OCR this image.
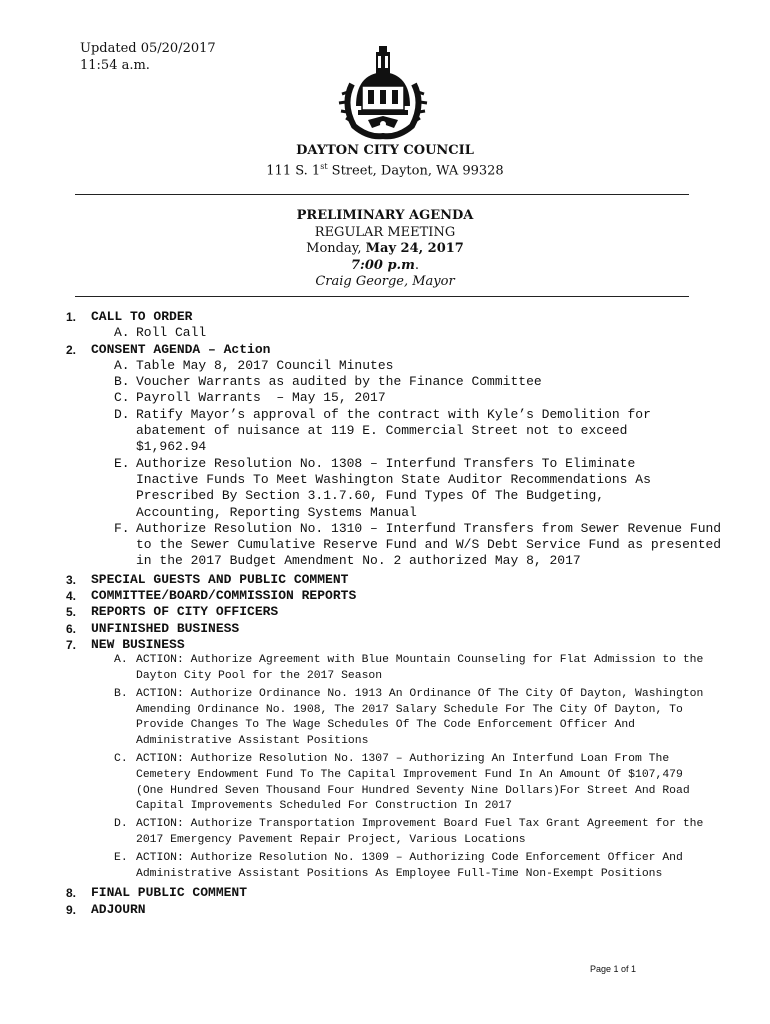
Updated 05/20/2017
11:54 a.m.
DAYTON CITY COUNCIL
111 S. 1st Street, Dayton, WA 99328
PRELIMINARY AGENDA
REGULAR MEETING
Monday, May 24, 2017
7:00 p.m.
Craig George, Mayor
1. CALL TO ORDER
A. Roll Call
2. CONSENT AGENDA – Action
A. Table May 8, 2017 Council Minutes
B. Voucher Warrants as audited by the Finance Committee
C. Payroll Warrants  – May 15, 2017
D. Ratify Mayor’s approval of the contract with Kyle’s Demolition for abatement of nuisance at 119 E. Commercial Street not to exceed $1,962.94
E. Authorize Resolution No. 1308 – Interfund Transfers To Eliminate Inactive Funds To Meet Washington State Auditor Recommendations As Prescribed By Section 3.1.7.60, Fund Types Of The Budgeting, Accounting, Reporting Systems Manual
F. Authorize Resolution No. 1310 – Interfund Transfers from Sewer Revenue Fund to the Sewer Cumulative Reserve Fund and W/S Debt Service Fund as presented in the 2017 Budget Amendment No. 2 authorized May 8, 2017
3. SPECIAL GUESTS AND PUBLIC COMMENT
4. COMMITTEE/BOARD/COMMISSION REPORTS
5. REPORTS OF CITY OFFICERS
6. UNFINISHED BUSINESS
7. NEW BUSINESS
A. ACTION: Authorize Agreement with Blue Mountain Counseling for Flat Admission to the Dayton City Pool for the 2017 Season
B. ACTION: Authorize Ordinance No. 1913 An Ordinance Of The City Of Dayton, Washington Amending Ordinance No. 1908, The 2017 Salary Schedule For The City Of Dayton, To Provide Changes To The Wage Schedules Of The Code Enforcement Officer And Administrative Assistant Positions
C. ACTION: Authorize Resolution No. 1307 – Authorizing An Interfund Loan From The Cemetery Endowment Fund To The Capital Improvement Fund In An Amount Of $107,479 (One Hundred Seven Thousand Four Hundred Seventy Nine Dollars)For Street And Road Capital Improvements Scheduled For Construction In 2017
D. ACTION: Authorize Transportation Improvement Board Fuel Tax Grant Agreement for the 2017 Emergency Pavement Repair Project, Various Locations
E. ACTION: Authorize Resolution No. 1309 – Authorizing Code Enforcement Officer And Administrative Assistant Positions As Employee Full-Time Non-Exempt Positions
8. FINAL PUBLIC COMMENT
9. ADJOURN
Page 1 of 1
